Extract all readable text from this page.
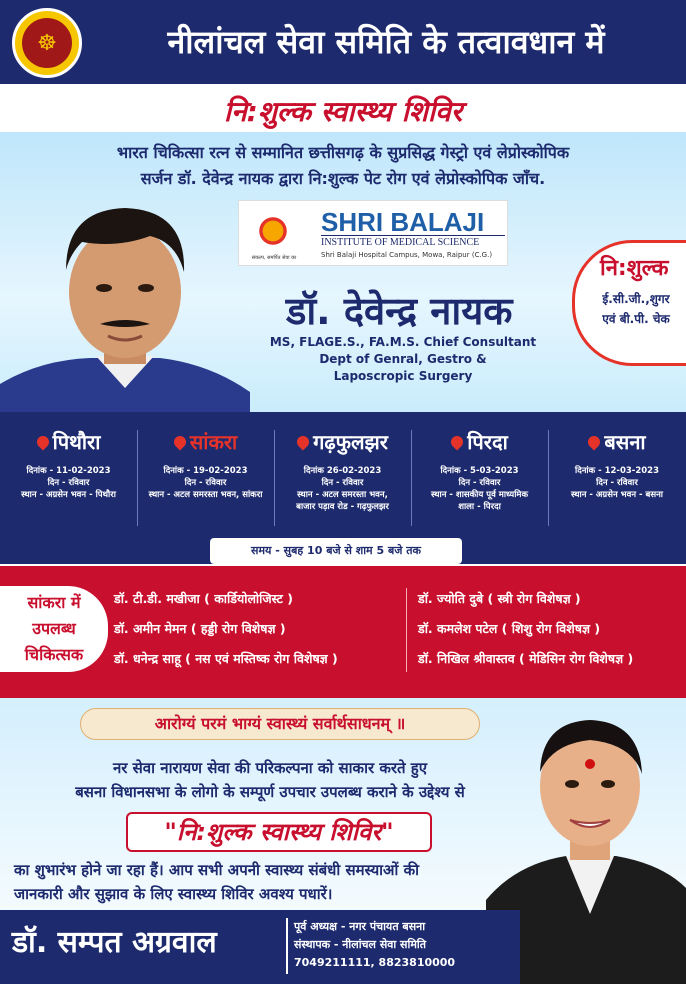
☸	नीलांचल सेवा समिति के तत्वावधान में
नि:शुल्क स्वास्थ्य शिविर
भारत चिकित्सा रत्न से सम्मानित छत्तीसगढ़ के सुप्रसिद्ध गेस्ट्रो एवं लेप्रोस्कोपिक
सर्जन डॉ. देवेन्द्र नायक द्वारा नि:शुल्क पेट रोग एवं लेप्रोस्कोपिक जाँच.
संकल्प, समर्पित सेवा का
SHRI BALAJI
INSTITUTE OF MEDICAL SCIENCE
Shri Balaji Hospital Campus, Mowa, Raipur (C.G.)
डॉ. देवेन्द्र नायक
MS, FLAGE.S., FA.M.S. Chief Consultant
Dept of Genral, Gestro &
Laposcropic Surgery
नि:शुल्क
ई.सी.जी.,शुगर
एवं बी.पी. चेक
पिथौरा
दिनांक - 11-02-2023
दिन - रविवार
स्थान - अग्रसेन भवन - पिथौरा
सांकरा
दिनांक - 19-02-2023
दिन - रविवार
स्थान - अटल समरस्ता भवन, सांकरा
गढ़फुलझर
दिनांक 26-02-2023
दिन - रविवार
स्थान - अटल समरस्ता भवन,
बाजार पड़ाव रोड - गढ़फुलझर
पिरदा
दिनांक - 5-03-2023
दिन - रविवार
स्थान - शासकीय पूर्व माध्यमिक
शाला - पिरदा
बसना
दिनांक - 12-03-2023
दिन - रविवार
स्थान - अग्रसेन भवन - बसना
समय - सुबह 10 बजे से शाम 5 बजे तक
सांकरा में
उपलब्ध
चिकित्सक
डॉ. टी.डी. मखीजा ( कार्डियोलोजिस्ट )
डॉ. अमीन मेमन ( हड्डी रोग विशेषज्ञ )
डॉ. धनेन्द्र साहू ( नस एवं मस्तिष्क रोग विशेषज्ञ )
डॉ. ज्योति दुबे ( स्त्री रोग विशेषज्ञ )
डॉ. कमलेश पटेल ( शिशु रोग विशेषज्ञ )
डॉ. निखिल श्रीवास्तव ( मेडिसिन रोग विशेषज्ञ )
आरोग्यं परमं भाग्यं स्वास्थ्यं सर्वार्थसाधनम् ॥
नर सेवा नारायण सेवा की परिकल्पना को साकार करते हुए
बसना विधानसभा के लोगो के सम्पूर्ण उपचार उपलब्ध कराने के उद्देश्य से
"नि:शुल्क स्वास्थ्य शिविर"
का शुभारंभ होने जा रहा हैं। आप सभी अपनी स्वास्थ्य संबंधी समस्याओं की
जानकारी और सुझाव के लिए स्वास्थ्य शिविर अवश्य पधारें।
डॉ. सम्पत अग्रवाल	पूर्व अध्यक्ष - नगर पंचायत बसना
संस्थापक - नीलांचल सेवा समिति
7049211111, 8823810000
